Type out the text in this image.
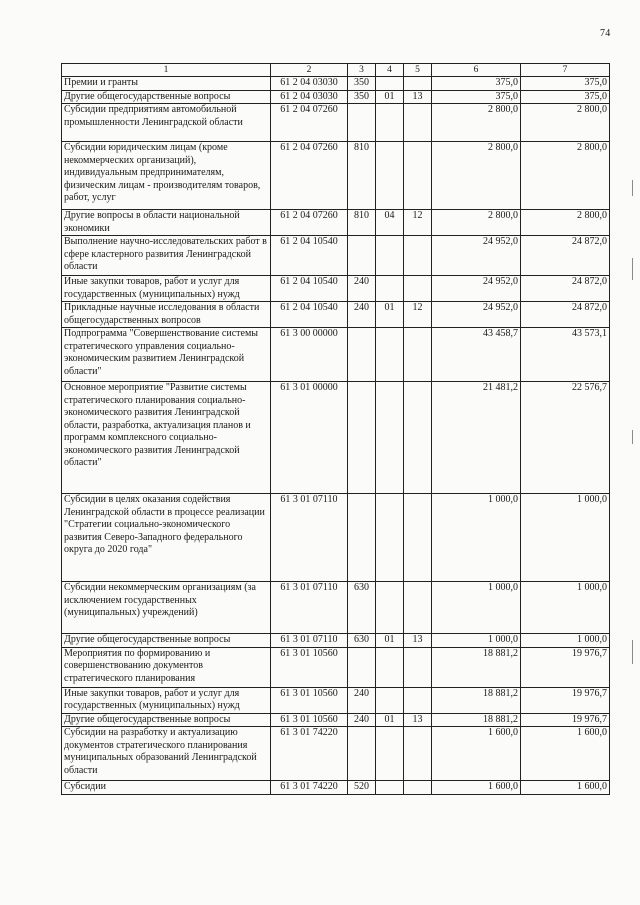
74
1	2	3	4	5	6	7
Премии и гранты	61 2 04 03030	350			375,0	375,0
Другие общегосударственные вопросы	61 2 04 03030	350	01	13	375,0	375,0
Субсидии предприятиям автомобильной промышленности Ленинградской области	61 2 04 07260				2 800,0	2 800,0
Субсидии юридическим лицам (кроме некоммерческих организаций), индивидуальным предпринимателям, физическим лицам - производителям товаров, работ, услуг	61 2 04 07260	810			2 800,0	2 800,0
Другие вопросы в области национальной экономики	61 2 04 07260	810	04	12	2 800,0	2 800,0
Выполнение научно-исследовательских работ в сфере кластерного развития Ленинградской области	61 2 04 10540				24 952,0	24 872,0
Иные закупки товаров, работ и услуг для государственных (муниципальных) нужд	61 2 04 10540	240			24 952,0	24 872,0
Прикладные научные исследования в области общегосударственных вопросов	61 2 04 10540	240	01	12	24 952,0	24 872,0
Подпрограмма "Совершенствование системы стратегического управления социально-экономическим развитием Ленинградской области"	61 3 00 00000				43 458,7	43 573,1
Основное мероприятие "Развитие системы стратегического планирования социально-экономического развития Ленинградской области, разработка, актуализация планов и программ комплексного социально-экономического развития Ленинградской области"	61 3 01 00000				21 481,2	22 576,7
Субсидии в целях оказания содействия Ленинградской области в процессе реализации "Стратегии социально-экономического развития Северо-Западного федерального округа до 2020 года"	61 3 01 07110				1 000,0	1 000,0
Субсидии некоммерческим организациям (за исключением государственных (муниципальных) учреждений)	61 3 01 07110	630			1 000,0	1 000,0
Другие общегосударственные вопросы	61 3 01 07110	630	01	13	1 000,0	1 000,0
Мероприятия по формированию и совершенствованию документов стратегического планирования	61 3 01 10560				18 881,2	19 976,7
Иные закупки товаров, работ и услуг для государственных (муниципальных) нужд	61 3 01 10560	240			18 881,2	19 976,7
Другие общегосударственные вопросы	61 3 01 10560	240	01	13	18 881,2	19 976,7
Субсидии на разработку и актуализацию документов стратегического планирования муниципальных образований Ленинградской области	61 3 01 74220				1 600,0	1 600,0
Субсидии	61 3 01 74220	520			1 600,0	1 600,0
